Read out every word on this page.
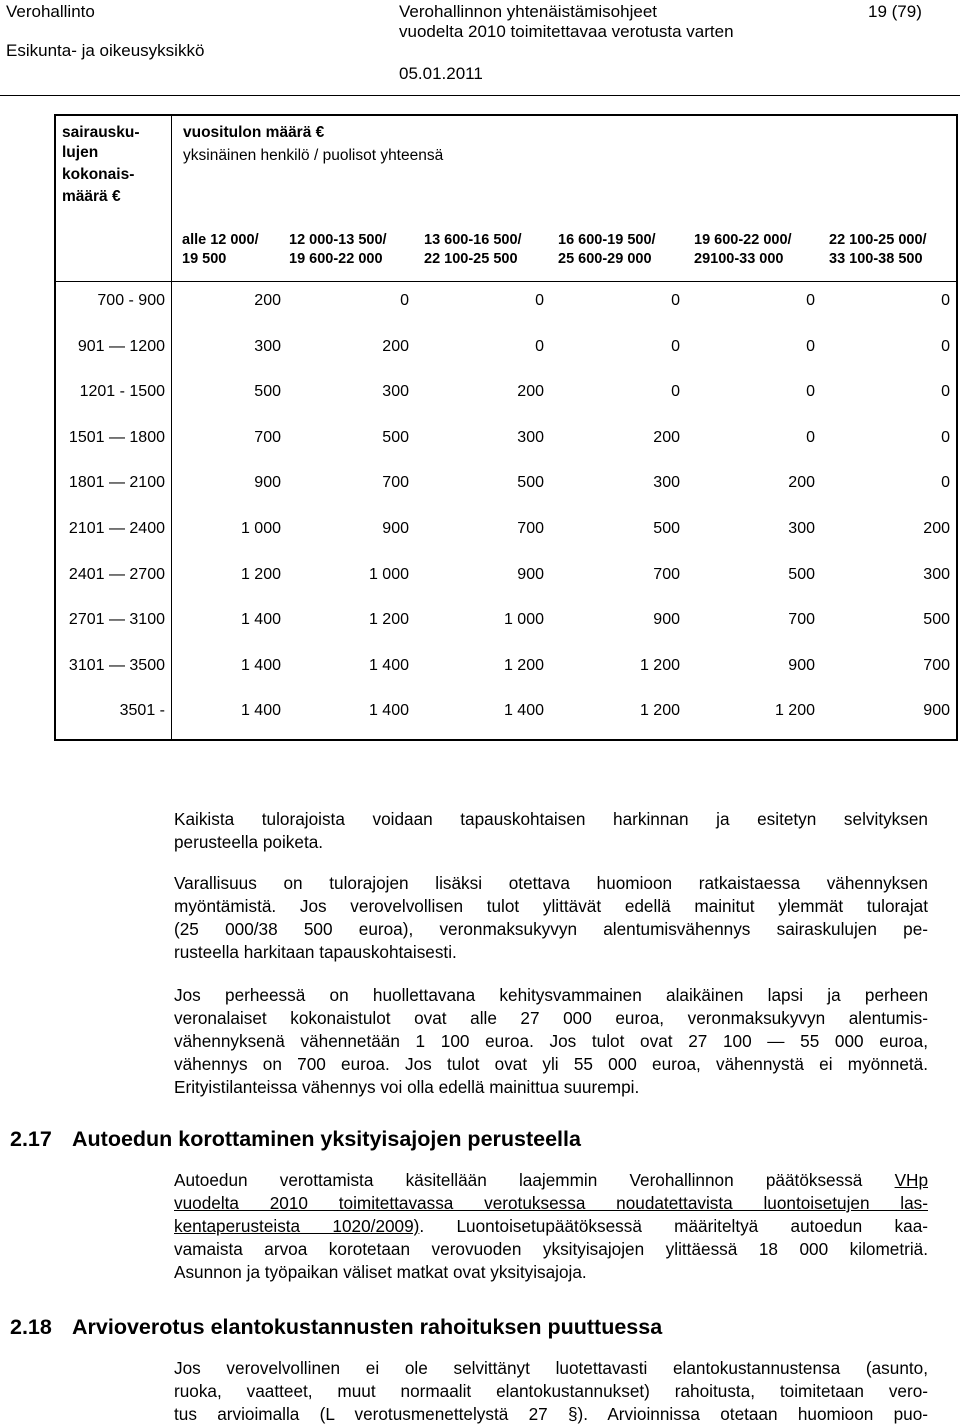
Verohallinto
Esikunta- ja oikeusyksikkö
Verohallinnon yhtenäistämisohjeet
vuodelta 2010 toimitettavaa verotusta varten
05.01.2011
19 (79)
sairausku-
lujen
kokonais-
määrä €
vuositulon määrä €
yksinäinen henkilö / puolisot yhteensä
alle 12 000/
19 500
12 000-13 500/
19 600-22 000
13 600-16 500/
22 100-25 500
16 600-19 500/
25 600-29 000
19 600-22 000/
29100-33 000
22 100-25 000/
33 100-38 500
700 - 900	200	0	0	0	0	0
901 — 1200	300	200	0	0	0	0
1201 - 1500	500	300	200	0	0	0
1501 — 1800	700	500	300	200	0	0
1801 — 2100	900	700	500	300	200	0
2101 — 2400	1 000	900	700	500	300	200
2401 — 2700	1 200	1 000	900	700	500	300
2701 — 3100	1 400	1 200	1 000	900	700	500
3101 — 3500	1 400	1 400	1 200	1 200	900	700
3501 -	1 400	1 400	1 400	1 200	1 200	900
Kaikista tulorajoista voidaan tapauskohtaisen harkinnan ja esitetyn selvityksen
perusteella poiketa.
Varallisuus on tulorajojen lisäksi otettava huomioon ratkaistaessa vähennyksen
myöntämistä. Jos verovelvollisen tulot ylittävät edellä mainitut ylemmät tulorajat
(25 000/38 500 euroa), veronmaksukyvyn alentumisvähennys sairaskulujen pe-
rusteella harkitaan tapauskohtaisesti.
Jos perheessä on huollettavana kehitysvammainen alaikäinen lapsi ja perheen
veronalaiset kokonaistulot ovat alle 27 000 euroa, veronmaksukyvyn alentumis-
vähennyksenä vähennetään 1 100 euroa. Jos tulot ovat 27 100 — 55 000 euroa,
vähennys on 700 euroa. Jos tulot ovat yli 55 000 euroa, vähennystä ei myönnetä.
Erityistilanteissa vähennys voi olla edellä mainittua suurempi.
2.17 Autoedun korottaminen yksityisajojen perusteella
Autoedun verottamista käsitellään laajemmin Verohallinnon päätöksessä VHp
vuodelta 2010 toimitettavassa verotuksessa noudatettavista luontoisetujen las-
kentaperusteista 1020/2009). Luontoisetupäätöksessä määriteltyä autoedun kaa-
vamaista arvoa korotetaan verovuoden yksityisajojen ylittäessä 18 000 kilometriä.
Asunnon ja työpaikan väliset matkat ovat yksityisajoja.
2.18 Arvioverotus elantokustannusten rahoituksen puuttuessa
Jos verovelvollinen ei ole selvittänyt luotettavasti elantokustannustensa (asunto,
ruoka, vaatteet, muut normaalit elantokustannukset) rahoitusta, toimitetaan vero-
tus arvioimalla (L verotusmenettelystä 27 §). Arvioinnissa otetaan huomioon puo-
